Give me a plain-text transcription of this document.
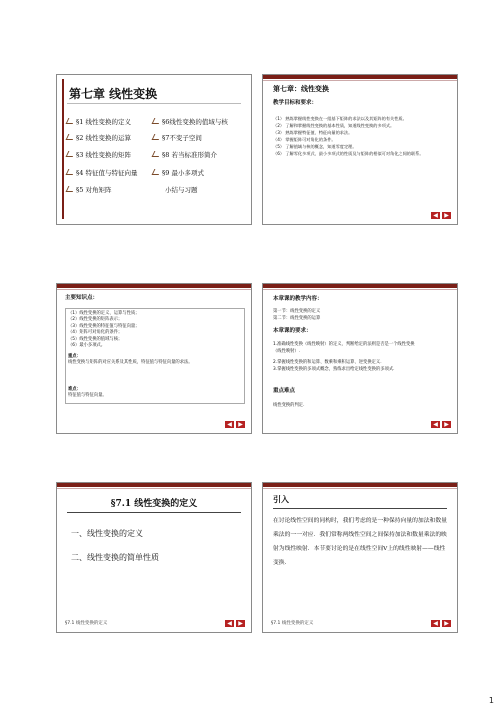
第七章 线性变换
§1 线性变换的定义
§2 线性变换的运算
§3 线性变换的矩阵
§4 特征值与特征向量
§5 对角矩阵
§6线性变换的值域与核
§7不变子空间
§8 若当标准形简介
§9 最小多项式
小结与习题
第七章：线性变换
教学目标和要求：
（1） 熟练掌握线性变换在一组基下矩阵的求法以及其矩阵的有关性质。
（2） 了解和掌握线性变换的基本性质，知道线性变换的多项式。
（3） 熟练掌握特征值、特征向量的求法。
（4） 掌握矩阵可对角化的条件。
（5） 了解值域与核的概念，知道零度定理。
（6） 了解零化多项式、最小多项式的性质及与矩阵的相似可对角化之间的联系。
◀	▶
主要知识点：
（1）线性变换的定义、运算与性质；
（2）线性变换的矩阵表示；
（3）线性变换的特征值与特征向量；
（4）矩阵可对角化的条件；
（5）线性变换的值域与核；
（6）最小多项式。

重点：

线性变换与矩阵的对应关系及其性质，特征值与特征向量的求法。

难点：

特征值与特征向量。

◀	▶
本章课的教学内容：
第一节：线性变换的定义
第二节：线性变换的运算
本章课的要求：
1.准确线性变换（线性映射）的定义，判断给定的法则是否是一个线性变换
（线性映射）.
2.掌握线性变换的和运算、数乘和乘积运算、逆变换定义.
3.掌握线性变换的多项式概念，熟练求出给定线性变换的多项式.
重点难点
线性变换的判定.
◀	▶
§7.1 线性变换的定义
一、线性变换的定义
二、线性变换的简单性质
§7.1 线性变换的定义	◀	▶
引入
在讨论线性空间的同构时，我们考虑的是一种保持向量的加法和数量乘法的一一对应．我们常称两线性空间之间保持加法和数量乘法的映射为线性映射．本节要讨论的是在线性空间V上的线性映射——线性变换．
§7.1 线性变换的定义	◀	▶
1
